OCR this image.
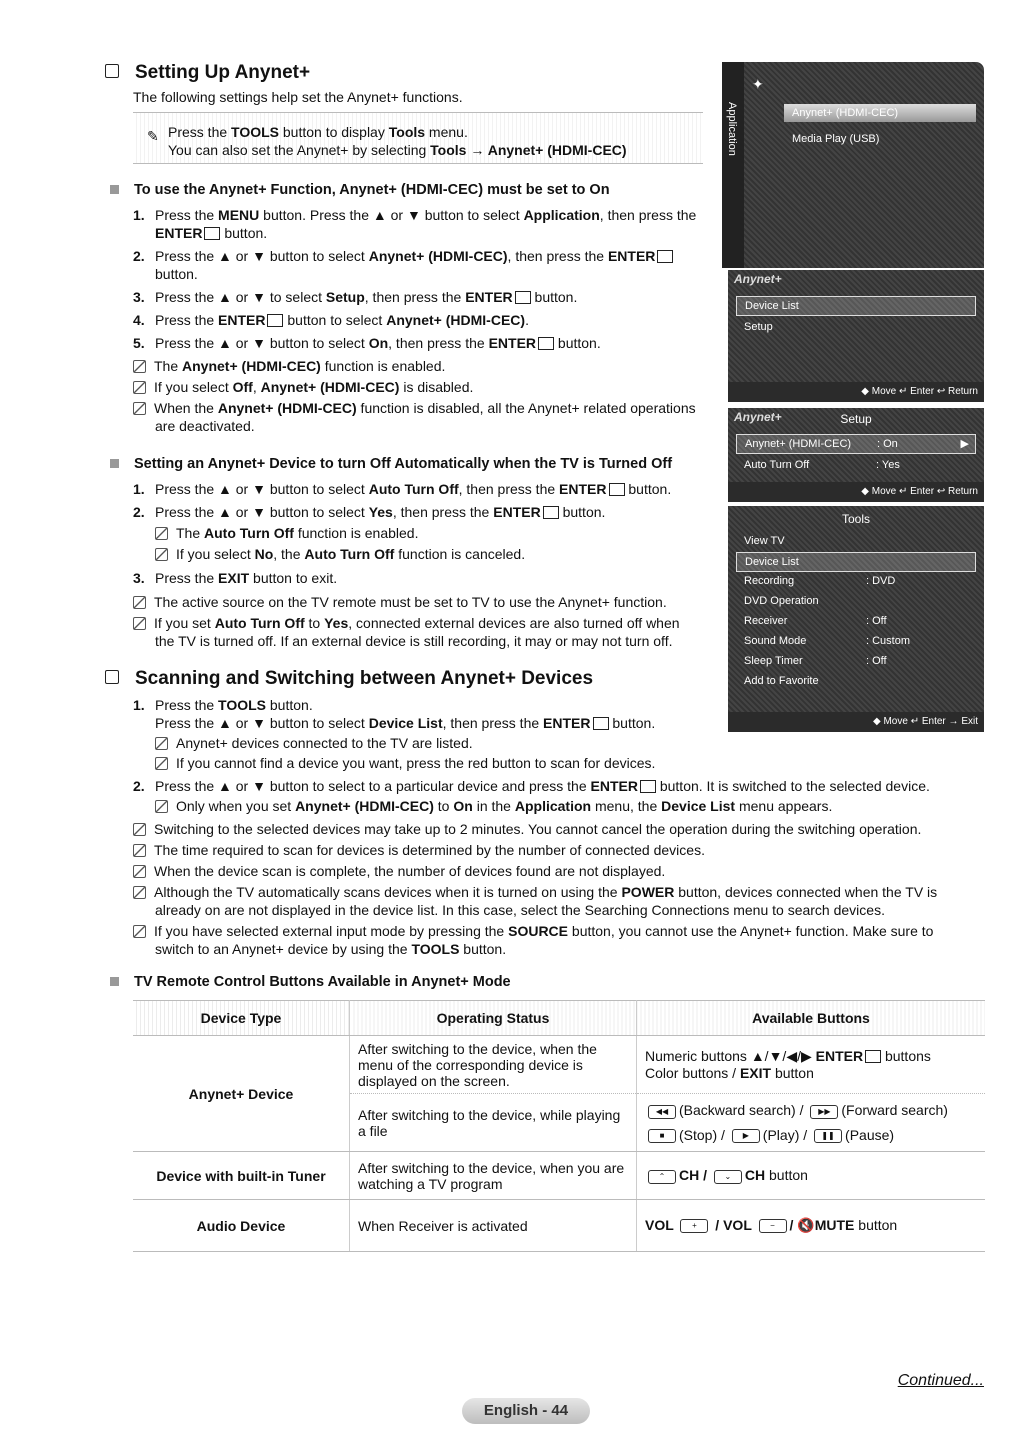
Setting Up Anynet+
The following settings help set the Anynet+ functions.
✎ Press the TOOLS button to display Tools menu.
You can also set the Anynet+ by selecting Tools → Anynet+ (HDMI-CEC)
To use the Anynet+ Function, Anynet+ (HDMI-CEC) must be set to On
1. Press the MENU button. Press the ▲ or ▼ button to select Application, then press the
ENTER button.
2. Press the ▲ or ▼ button to select Anynet+ (HDMI-CEC), then press the ENTER
button.
3. Press the ▲ or ▼ to select Setup, then press the ENTER button.
4. Press the ENTER button to select Anynet+ (HDMI-CEC).
5. Press the ▲ or ▼ button to select On, then press the ENTER button.
The Anynet+ (HDMI-CEC) function is enabled.
If you select Off, Anynet+ (HDMI-CEC) is disabled.
When the Anynet+ (HDMI-CEC) function is disabled, all the Anynet+ related operations
are deactivated.
Setting an Anynet+ Device to turn Off Automatically when the TV is Turned Off
1. Press the ▲ or ▼ button to select Auto Turn Off, then press the ENTER button.
2. Press the ▲ or ▼ button to select Yes, then press the ENTER button.
The Auto Turn Off function is enabled.
If you select No, the Auto Turn Off function is canceled.
3. Press the EXIT button to exit.
The active source on the TV remote must be set to TV to use the Anynet+ function.
If you set Auto Turn Off to Yes, connected external devices are also turned off when
the TV is turned off. If an external device is still recording, it may or may not turn off.
Scanning and Switching between Anynet+ Devices
1. Press the TOOLS button.
Press the ▲ or ▼ button to select Device List, then press the ENTER button.
Anynet+ devices connected to the TV are listed.
If you cannot find a device you want, press the red button to scan for devices.
2. Press the ▲ or ▼ button to select to a particular device and press the ENTER button. It is switched to the selected device.
Only when you set Anynet+ (HDMI-CEC) to On in the Application menu, the Device List menu appears.
Switching to the selected devices may take up to 2 minutes. You cannot cancel the operation during the switching operation.
The time required to scan for devices is determined by the number of connected devices.
When the device scan is complete, the number of devices found are not displayed.
Although the TV automatically scans devices when it is turned on using the POWER button, devices connected when the TV is
already on are not displayed in the device list. In this case, select the Searching Connections menu to search devices.
If you have selected external input mode by pressing the SOURCE button, you cannot use the Anynet+ function. Make sure to
switch to an Anynet+ device by using the TOOLS button.
TV Remote Control Buttons Available in Anynet+ Mode
Device Type	Operating Status	Available Buttons
Anynet+ Device	After switching to the device, when the menu of the corresponding device is displayed on the screen.	Numeric buttons ▲/▼/◀/▶ ENTER buttons
Color buttons / EXIT button

	After switching to the device, while playing a file	◀◀ (Backward search) / ▶▶ (Forward search)
■ (Stop) / ▶ (Play) / ❚❚ (Pause)

Device with built-in Tuner	After switching to the device, when you are watching a TV program	⌃ CH / ⌄ CH button
Audio Device	When Receiver is activated	VOL + / VOL − / 🔇MUTE button
Application
✦
Anynet+ (HDMI-CEC)
Media Play (USB)
Anynet+
Device List
Setup
◆ Move ↵ Enter ↩ Return
Anynet+	Setup
Anynet+ (HDMI-CEC) : On	▶
Auto Turn Off	: Yes
◆ Move ↵ Enter ↩ Return
Tools
View TV
Device List
Recording	: DVD
DVD Operation
Receiver	: Off
Sound Mode	: Custom
Sleep Timer	: Off
Add to Favorite
◆ Move ↵ Enter → Exit
Continued...
English - 44
